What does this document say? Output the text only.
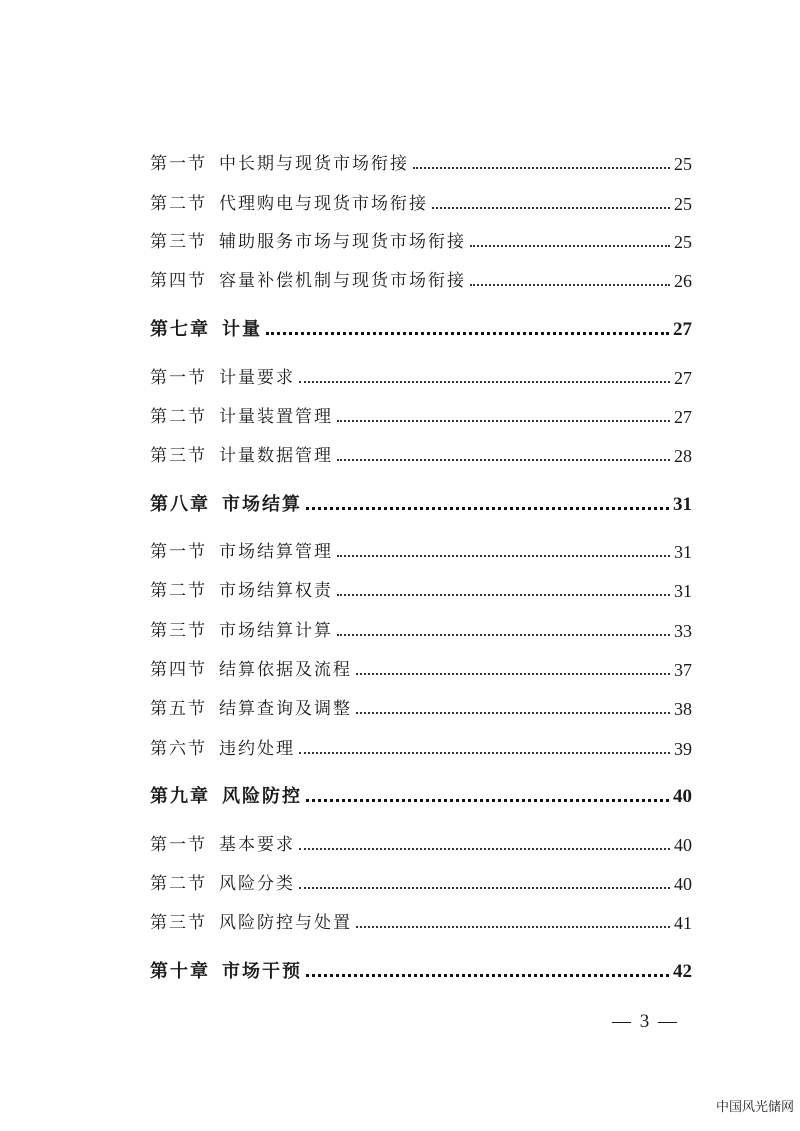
第一节 中长期与现货市场衔接	25
第二节 代理购电与现货市场衔接	25
第三节 辅助服务市场与现货市场衔接	25
第四节 容量补偿机制与现货市场衔接	26
第七章 计量	27
第一节 计量要求	27
第二节 计量装置管理	27
第三节 计量数据管理	28
第八章 市场结算	31
第一节 市场结算管理	31
第二节 市场结算权责	31
第三节 市场结算计算	33
第四节 结算依据及流程	37
第五节 结算查询及调整	38
第六节 违约处理	39
第九章 风险防控	40
第一节 基本要求	40
第二节 风险分类	40
第三节 风险防控与处置	41
第十章 市场干预	42
— 3 —
中国风光储网
